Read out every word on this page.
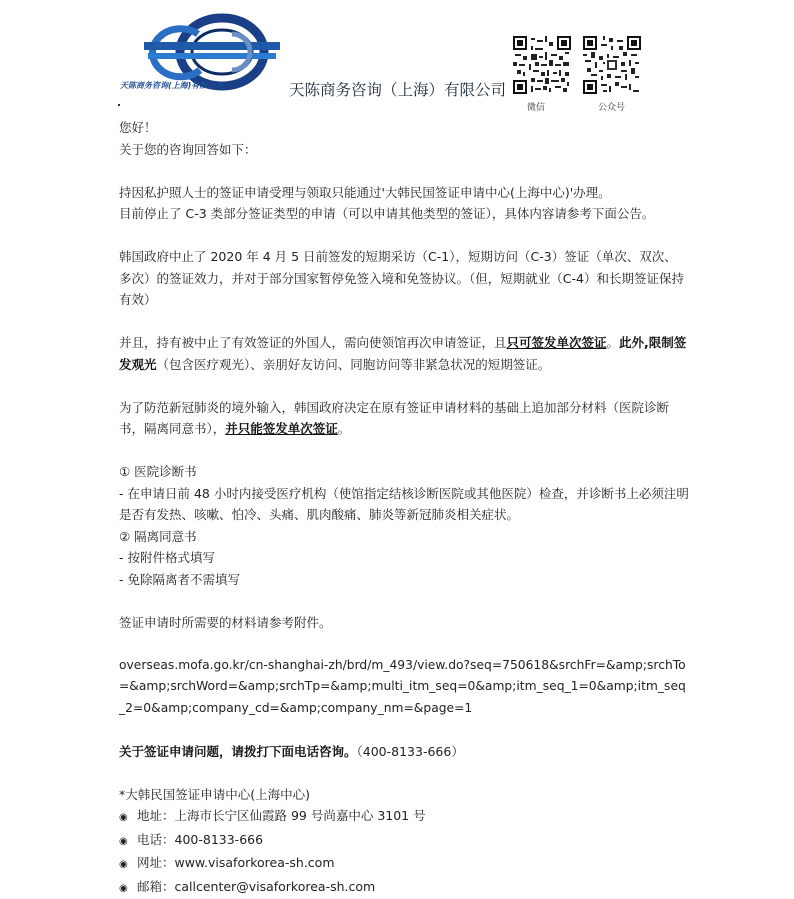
天陈商务咨询(上海)有限公司	天陈商务咨询（上海）有限公司
微信	公众号

您好！

关于您的咨询回答如下：

持因私护照人士的签证申请受理与领取只能通过'大韩民国签证申请中心(上海中心)'办理。

目前停止了 C-3 类部分签证类型的申请（可以申请其他类型的签证），具体内容请参考下面公告。

韩国政府中止了 2020 年 4 月 5 日前签发的短期采访（C-1），短期访问（C-3）签证（单次、双次、多次）的签证效力，并对于部分国家暂停免签入境和免签协议。（但，短期就业（C-4）和长期签证保持有效）

并且，持有被中止了有效签证的外国人，需向使领馆再次申请签证，且只可签发单次签证。此外,限制签发观光（包含医疗观光）、亲朋好友访问、同胞访问等非紧急状况的短期签证。

为了防范新冠肺炎的境外输入，韩国政府决定在原有签证申请材料的基础上追加部分材料（医院诊断书，隔离同意书），并只能签发单次签证。

① 医院诊断书

- 在申请日前 48 小时内接受医疗机构（使馆指定结核诊断医院或其他医院）检查，并诊断书上必须注明是否有发热、咳嗽、怕冷、头痛、肌肉酸痛、肺炎等新冠肺炎相关症状。

② 隔离同意书

- 按附件格式填写

- 免除隔离者不需填写

签证申请时所需要的材料请参考附件。

overseas.mofa.go.kr/cn-shanghai-zh/brd/m_493/view.do?seq=750618&srchFr=&amp;srchTo=&amp;srchWord=&amp;srchTp=&amp;multi_itm_seq=0&amp;itm_seq_1=0&amp;itm_seq_2=0&amp;company_cd=&amp;company_nm=&page=1

关于签证申请问题，请拨打下面电话咨询。（400-8133-666）

*大韩民国签证申请中心(上海中心)

◉ 地址：上海市长宁区仙霞路 99 号尚嘉中心 3101 号
◉ 电话：400-8133-666
◉ 网址：www.visaforkorea-sh.com
◉ 邮箱：callcenter@visaforkorea-sh.com
